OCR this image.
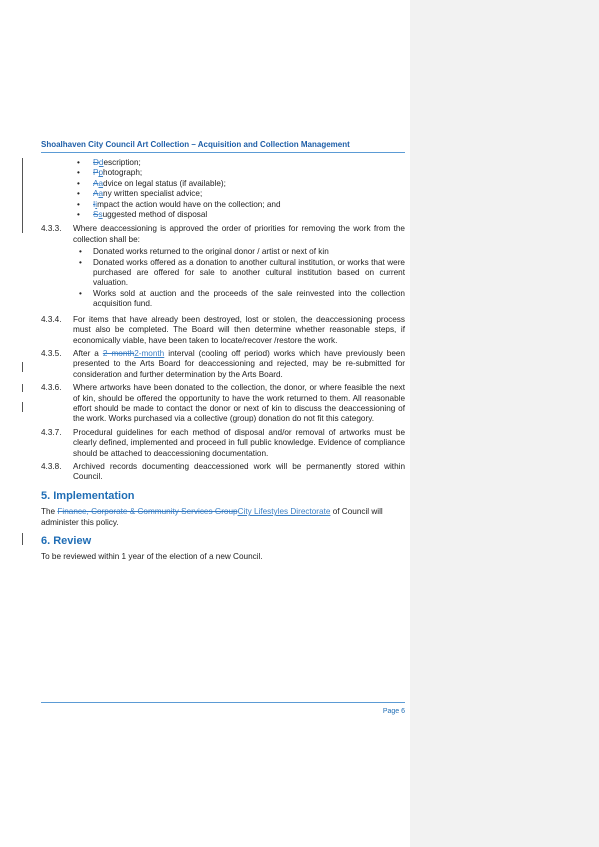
Shoalhaven City Council Art Collection – Acquisition and Collection Management
• Ddescription;
• Pphotograph;
• Aadvice on legal status (if available);
• Aany written specialist advice;
• Iimpact the action would have on the collection; and
• Ssuggested method of disposal
4.3.3.	Where deaccessioning is approved the order of priorities for removing the work from the collection shall be:
• Donated works returned to the original donor / artist or next of kin
• Donated works offered as a donation to another cultural institution, or works that were purchased are offered for sale to another cultural institution based on current valuation.
• Works sold at auction and the proceeds of the sale reinvested into the collection acquisition fund.
4.3.4.	For items that have already been destroyed, lost or stolen, the deaccessioning process must also be completed. The Board will then determine whether reasonable steps, if economically viable, have been taken to locate/recover /restore the work.
4.3.5.	After a 2 month2-month interval (cooling off period) works which have previously been presented to the Arts Board for deaccessioning and rejected, may be re-submitted for consideration and further determination by the Arts Board.
4.3.6.	Where artworks have been donated to the collection, the donor, or where feasible the next of kin, should be offered the opportunity to have the work returned to them. All reasonable effort should be made to contact the donor or next of kin to discuss the deaccessioning of the work. Works purchased via a collective (group) donation do not fit this category.
4.3.7.	Procedural guidelines for each method of disposal and/or removal of artworks must be clearly defined, implemented and proceed in full public knowledge. Evidence of compliance should be attached to deaccessioning documentation.
4.3.8.	Archived records documenting deaccessioned work will be permanently stored within Council.
5. Implementation

The Finance, Corporate & Community Services GroupCity Lifestyles Directorate of Council will administer this policy.

6. Review

To be reviewed within 1 year of the election of a new Council.

Page 6
